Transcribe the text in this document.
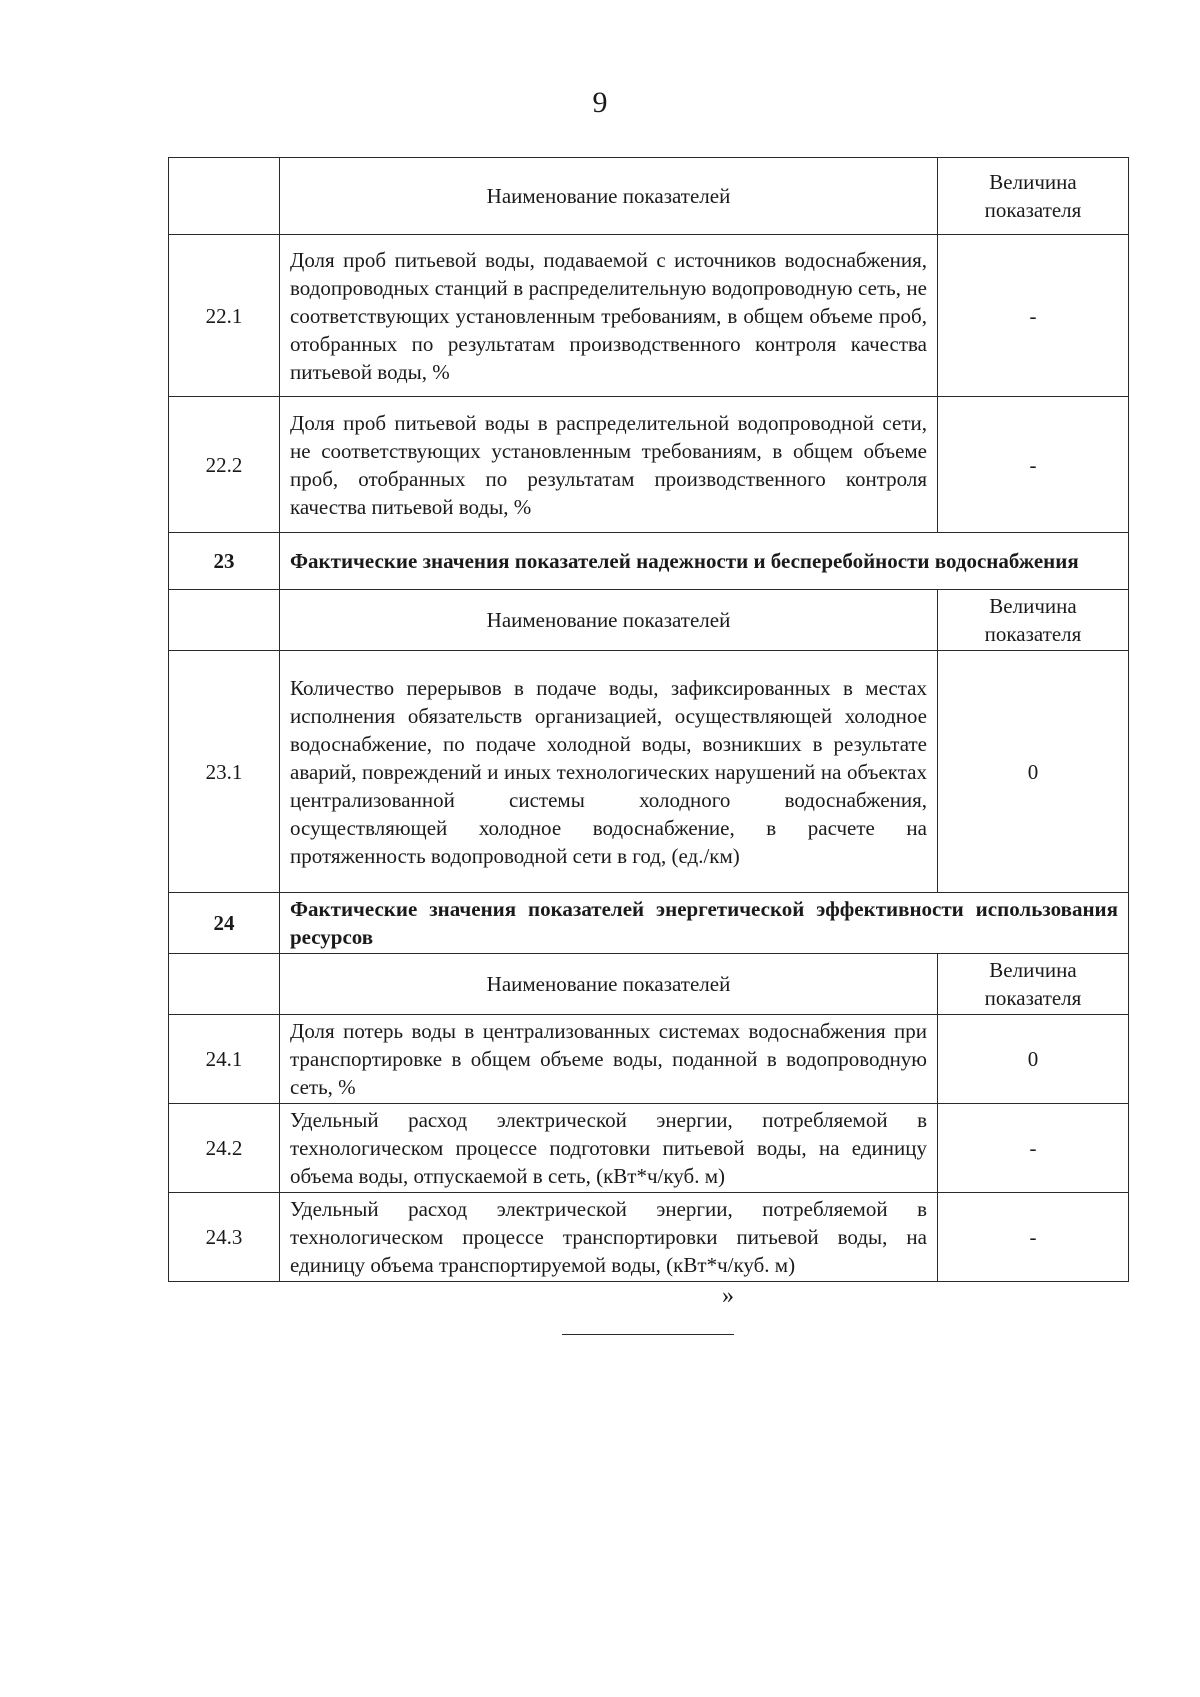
9
	Наименование показателей	Величина показателя
22.1	Доля проб питьевой воды, подаваемой с источников водоснабжения, водопроводных станций в распределительную водопроводную сеть, не соответствующих установленным требованиям, в общем объеме проб, отобранных по результатам производственного контроля качества питьевой воды, %	-
22.2	Доля проб питьевой воды в распределительной водопроводной сети, не соответствующих установленным требованиям, в общем объеме проб, отобранных по результатам производственного контроля качества питьевой воды, %	-
23	Фактические значения показателей надежности и бесперебойности водоснабжения	
	Наименование показателей	Величина показателя
23.1	Количество перерывов в подаче воды, зафиксированных в местах исполнения обязательств организацией, осуществляющей холодное водоснабжение, по подаче холодной воды, возникших в результате аварий, повреждений и иных технологических нарушений на объектах централизованной системы холодного водоснабжения, осуществляющей холодное водоснабжение, в расчете на протяженность водопроводной сети в год, (ед./км)	0
24	Фактические значения показателей энергетической эффективности использования ресурсов	
	Наименование показателей	Величина показателя
24.1	Доля потерь воды в централизованных системах водоснабжения при транспортировке в общем объеме воды, поданной в водопроводную сеть, %	0
24.2	Удельный расход электрической энергии, потребляемой в технологическом процессе подготовки питьевой воды, на единицу объема воды, отпускаемой в сеть, (кВт*ч/куб. м)	-
24.3	Удельный расход электрической энергии, потребляемой в технологическом процессе транспортировки питьевой воды, на единицу объема транспортируемой воды, (кВт*ч/куб. м)	-
»
